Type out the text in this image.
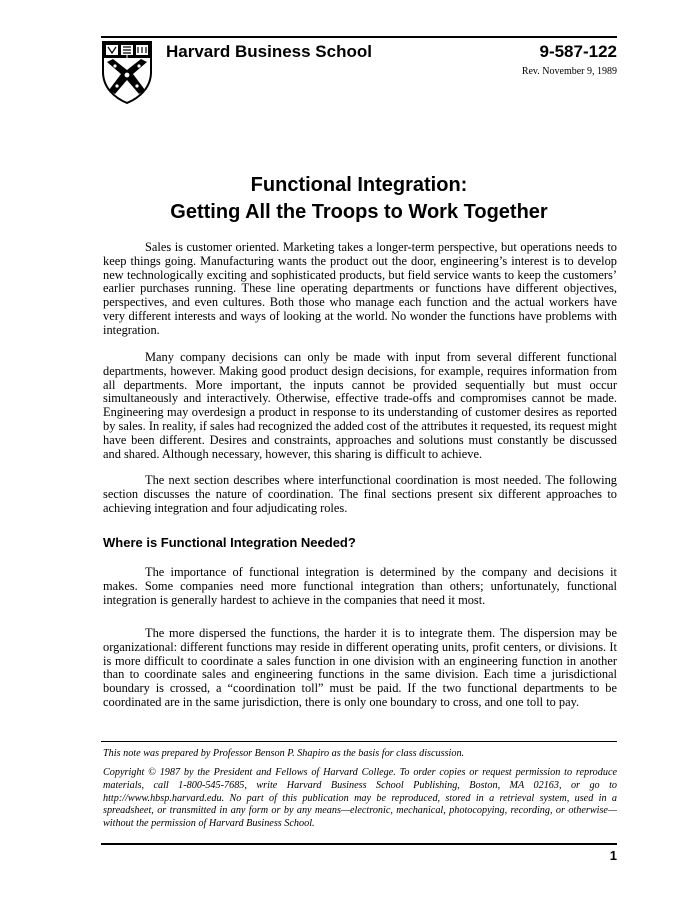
Harvard Business School	9-587-122
Rev. November 9, 1989
Functional Integration:
Getting All the Troops to Work Together

Sales is customer oriented. Marketing takes a longer-term perspective, but operations needs to keep things going. Manufacturing wants the product out the door, engineering’s interest is to develop new technologically exciting and sophisticated products, but field service wants to keep the customers’ earlier purchases running. These line operating departments or functions have different objectives, perspectives, and even cultures. Both those who manage each function and the actual workers have very different interests and ways of looking at the world. No wonder the functions have problems with integration.

Many company decisions can only be made with input from several different functional departments, however. Making good product design decisions, for example, requires information from all departments. More important, the inputs cannot be provided sequentially but must occur simultaneously and interactively. Otherwise, effective trade-offs and compromises cannot be made. Engineering may overdesign a product in response to its understanding of customer desires as reported by sales. In reality, if sales had recognized the added cost of the attributes it requested, its request might have been different. Desires and constraints, approaches and solutions must constantly be discussed and shared. Although necessary, however, this sharing is difficult to achieve.

The next section describes where interfunctional coordination is most needed. The following section discusses the nature of coordination. The final sections present six different approaches to achieving integration and four adjudicating roles.

Where is Functional Integration Needed?

The importance of functional integration is determined by the company and decisions it makes. Some companies need more functional integration than others; unfortunately, functional integration is generally hardest to achieve in the companies that need it most.

The more dispersed the functions, the harder it is to integrate them. The dispersion may be organizational: different functions may reside in different operating units, profit centers, or divisions. It is more difficult to coordinate a sales function in one division with an engineering function in another than to coordinate sales and engineering functions in the same division. Each time a jurisdictional boundary is crossed, a “coordination toll” must be paid. If the two functional departments to be coordinated are in the same jurisdiction, there is only one boundary to cross, and one toll to pay.

This note was prepared by Professor Benson P. Shapiro as the basis for class discussion.

Copyright © 1987 by the President and Fellows of Harvard College. To order copies or request permission to reproduce materials, call 1-800-545-7685, write Harvard Business School Publishing, Boston, MA 02163, or go to http://www.hbsp.harvard.edu. No part of this publication may be reproduced, stored in a retrieval system, used in a spreadsheet, or transmitted in any form or by any means—electronic, mechanical, photocopying, recording, or otherwise—without the permission of Harvard Business School.

1
